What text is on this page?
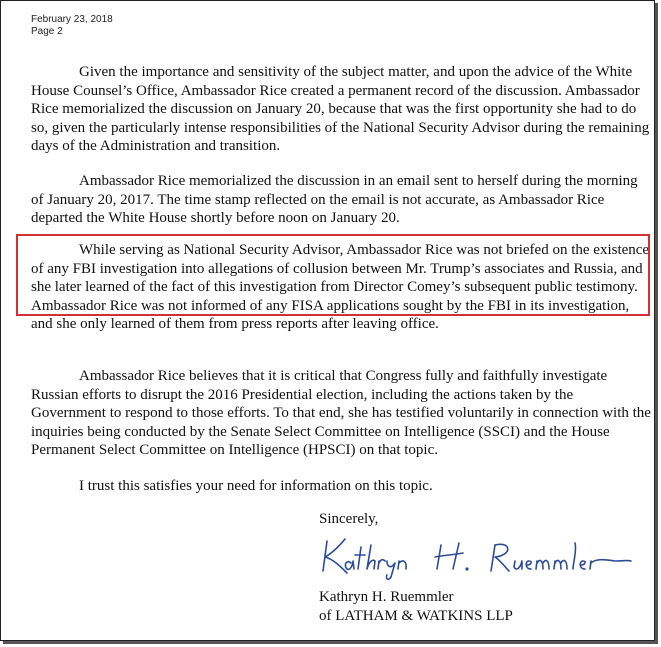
February 23, 2018
Page 2

Given the importance and sensitivity of the subject matter, and upon the advice of the White House Counsel’s Office, Ambassador Rice created a permanent record of the discussion. Ambassador Rice memorialized the discussion on January 20, because that was the first opportunity she had to do so, given the particularly intense responsibilities of the National Security Advisor during the remaining days of the Administration and transition.

Ambassador Rice memorialized the discussion in an email sent to herself during the morning of January 20, 2017. The time stamp reflected on the email is not accurate, as Ambassador Rice departed the White House shortly before noon on January 20.

While serving as National Security Advisor, Ambassador Rice was not briefed on the existence of any FBI investigation into allegations of collusion between Mr. Trump’s associates and Russia, and she later learned of the fact of this investigation from Director Comey’s subsequent public testimony. Ambassador Rice was not informed of any FISA applications sought by the FBI in its investigation, and she only learned of them from press reports after leaving office.

Ambassador Rice believes that it is critical that Congress fully and faithfully investigate Russian efforts to disrupt the 2016 Presidential election, including the actions taken by the Government to respond to those efforts. To that end, she has testified voluntarily in connection with the inquiries being conducted by the Senate Select Committee on Intelligence (SSCI) and the House Permanent Select Committee on Intelligence (HPSCI) on that topic.

I trust this satisfies your need for information on this topic.

Sincerely,
Kathryn H. Ruemmler
of LATHAM & WATKINS LLP
